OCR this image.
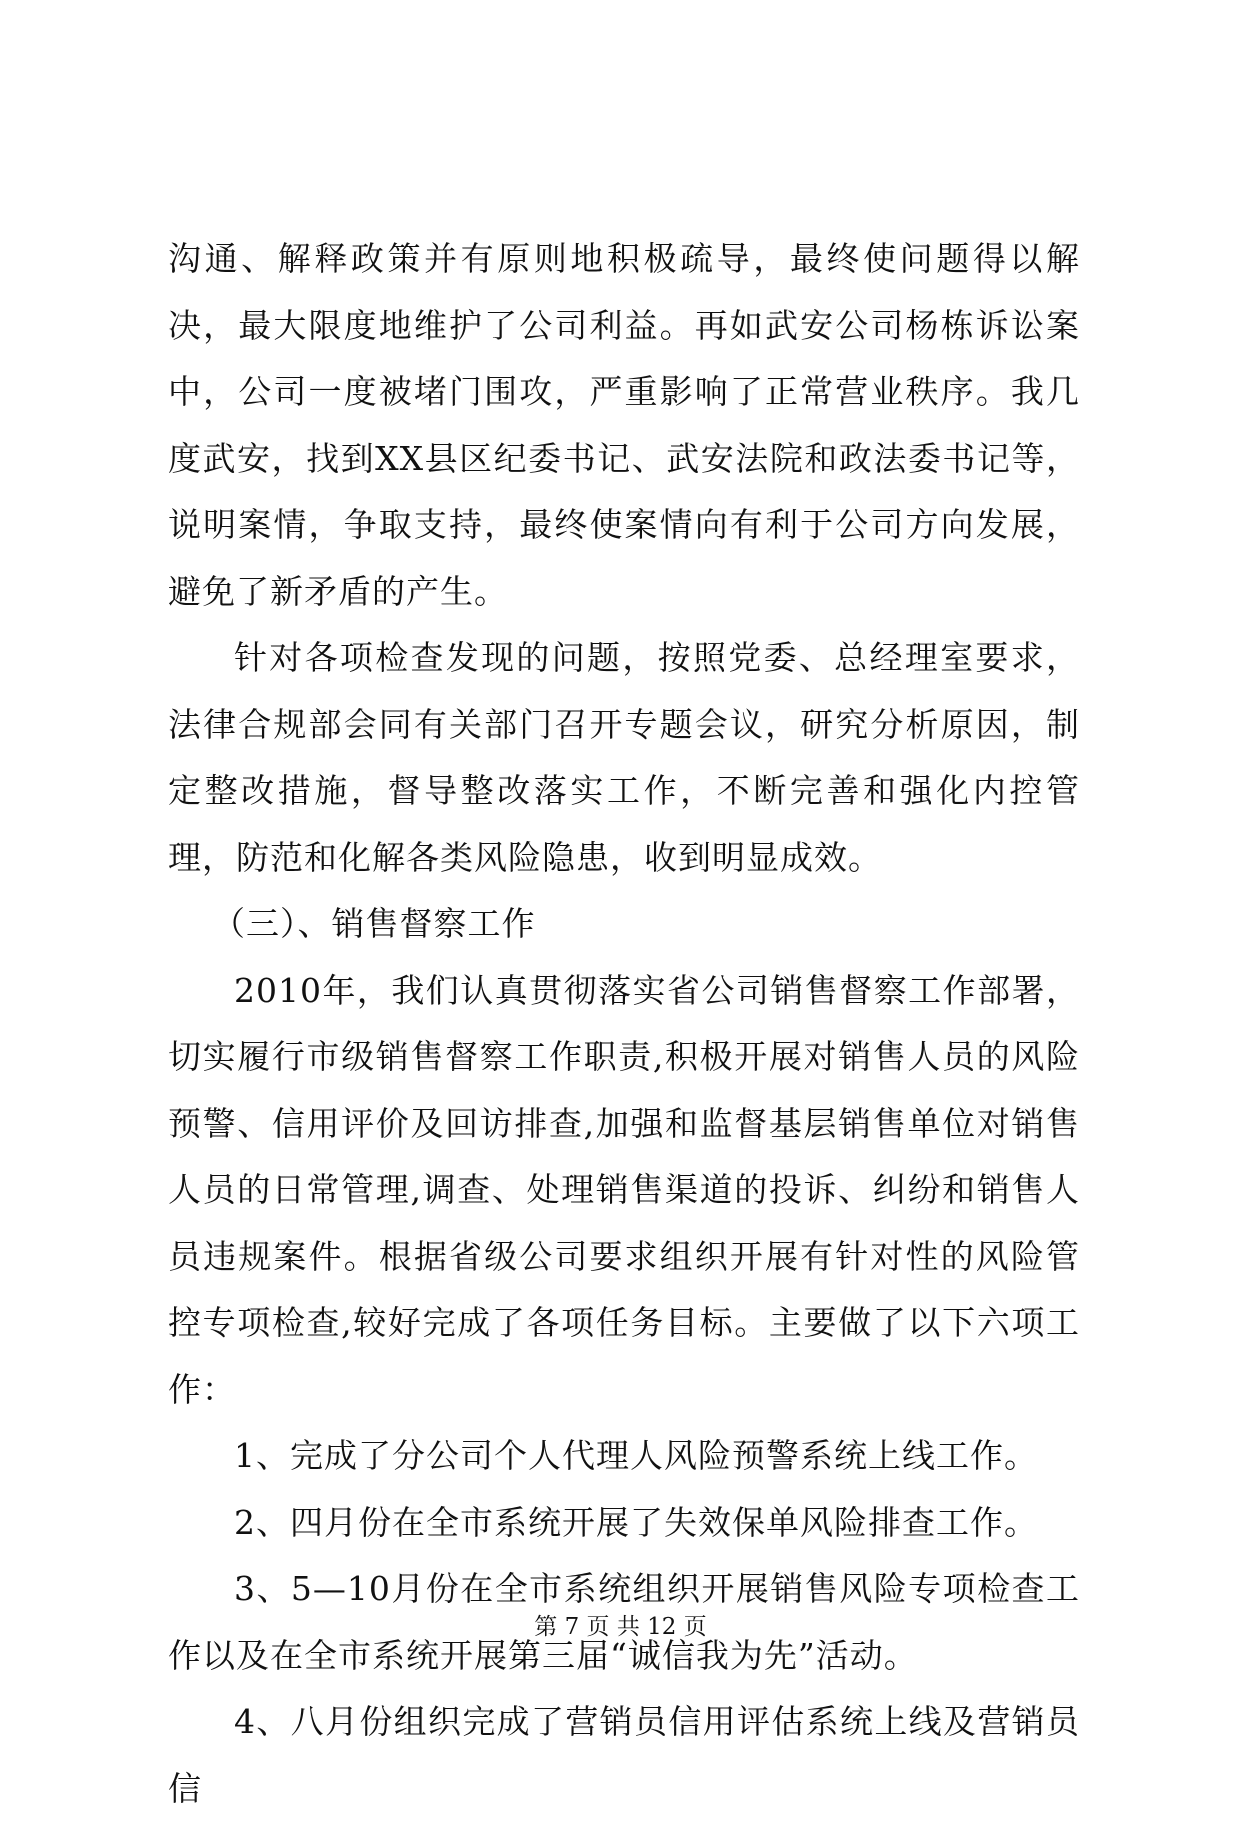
沟通、解释政策并有原则地积极疏导，最终使问题得以解决，最大限度地维护了公司利益。再如武安公司杨栋诉讼案中，公司一度被堵门围攻，严重影响了正常营业秩序。我几度武安，找到XX县区纪委书记、武安法院和政法委书记等，说明案情，争取支持，最终使案情向有利于公司方向发展，避免了新矛盾的产生。

针对各项检查发现的问题，按照党委、总经理室要求，法律合规部会同有关部门召开专题会议，研究分析原因，制定整改措施，督导整改落实工作，不断完善和强化内控管理，防范和化解各类风险隐患，收到明显成效。

（三）、销售督察工作

2010年，我们认真贯彻落实省公司销售督察工作部署，切实履行市级销售督察工作职责,积极开展对销售人员的风险预警、信用评价及回访排查,加强和监督基层销售单位对销售人员的日常管理,调查、处理销售渠道的投诉、纠纷和销售人员违规案件。根据省级公司要求组织开展有针对性的风险管控专项检查,较好完成了各项任务目标。主要做了以下六项工作：

1、完成了分公司个人代理人风险预警系统上线工作。

2、四月份在全市系统开展了失效保单风险排查工作。

3、5—10月份在全市系统组织开展销售风险专项检查工作以及在全市系统开展第三届“诚信我为先”活动。

4、八月份组织完成了营销员信用评估系统上线及营销员信

第 7 页 共 12 页
